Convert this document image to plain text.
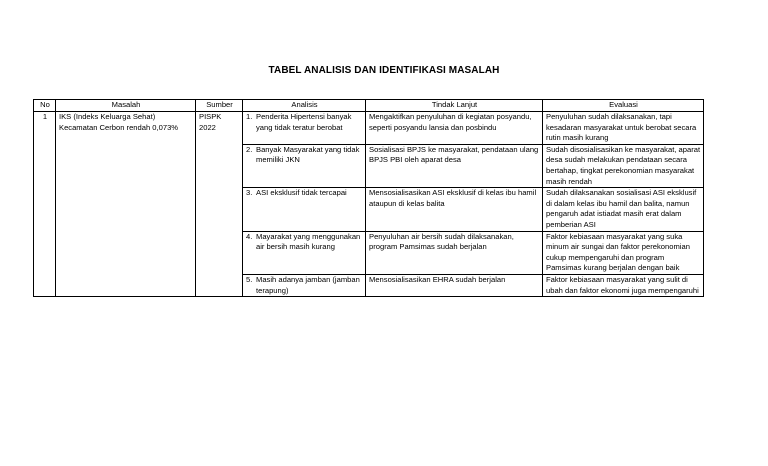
TABEL ANALISIS DAN IDENTIFIKASI MASALAH
No	Masalah	Sumber	Analisis	Tindak Lanjut	Evaluasi
1	IKS (Indeks Keluarga Sehat) Kecamatan Cerbon rendah 0,073%	PISPK 2022	1. Penderita Hipertensi banyak yang tidak teratur berobat	Mengaktifkan penyuluhan di kegiatan posyandu, seperti posyandu lansia dan posbindu	Penyuluhan sudah dilaksanakan, tapi kesadaran masyarakat untuk berobat secara rutin masih kurang

			2. Banyak Masyarakat yang tidak memiliki JKN	Sosialisasi BPJS ke masyarakat, pendataan ulang BPJS PBI oleh aparat desa	Sudah disosialisasikan ke masyarakat, aparat desa sudah melakukan pendataan secara bertahap, tingkat perekonomian masyarakat masih rendah

			3. ASI eksklusif tidak tercapai	Mensosialisasikan ASI eksklusif di kelas ibu hamil ataupun di kelas balita	Sudah dilaksanakan sosialisasi ASI eksklusif di dalam kelas ibu hamil dan balita, namun pengaruh adat istiadat masih erat dalam pemberian ASI

			4. Mayarakat yang menggunakan air bersih masih kurang	Penyuluhan air bersih sudah dilaksanakan, program Pamsimas sudah berjalan	Faktor kebiasaan masyarakat yang suka minum air sungai dan faktor perekonomian cukup mempengaruhi dan program Pamsimas kurang berjalan dengan baik

			5. Masih adanya jamban (jamban terapung)	Mensosialisasikan EHRA sudah berjalan	Faktor kebiasaan masyarakat yang sulit di ubah dan faktor ekonomi juga mempengaruhi
